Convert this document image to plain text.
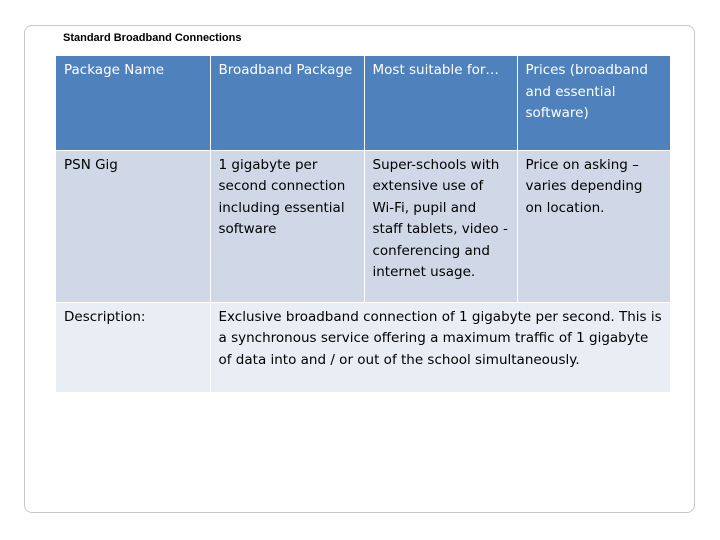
Standard Broadband Connections
Package Name	Broadband Package	Most suitable for…	Prices (broadband and essential software)
PSN Gig	1 gigabyte per second connection including essential software	Super-schools with extensive use of Wi-Fi, pupil and staff tablets, video -conferencing and internet usage.	Price on asking – varies depending on location.
Description:	Exclusive broadband connection of 1 gigabyte per second. This is a synchronous service offering a maximum traffic of 1 gigabyte of data into and / or out of the school simultaneously.		
